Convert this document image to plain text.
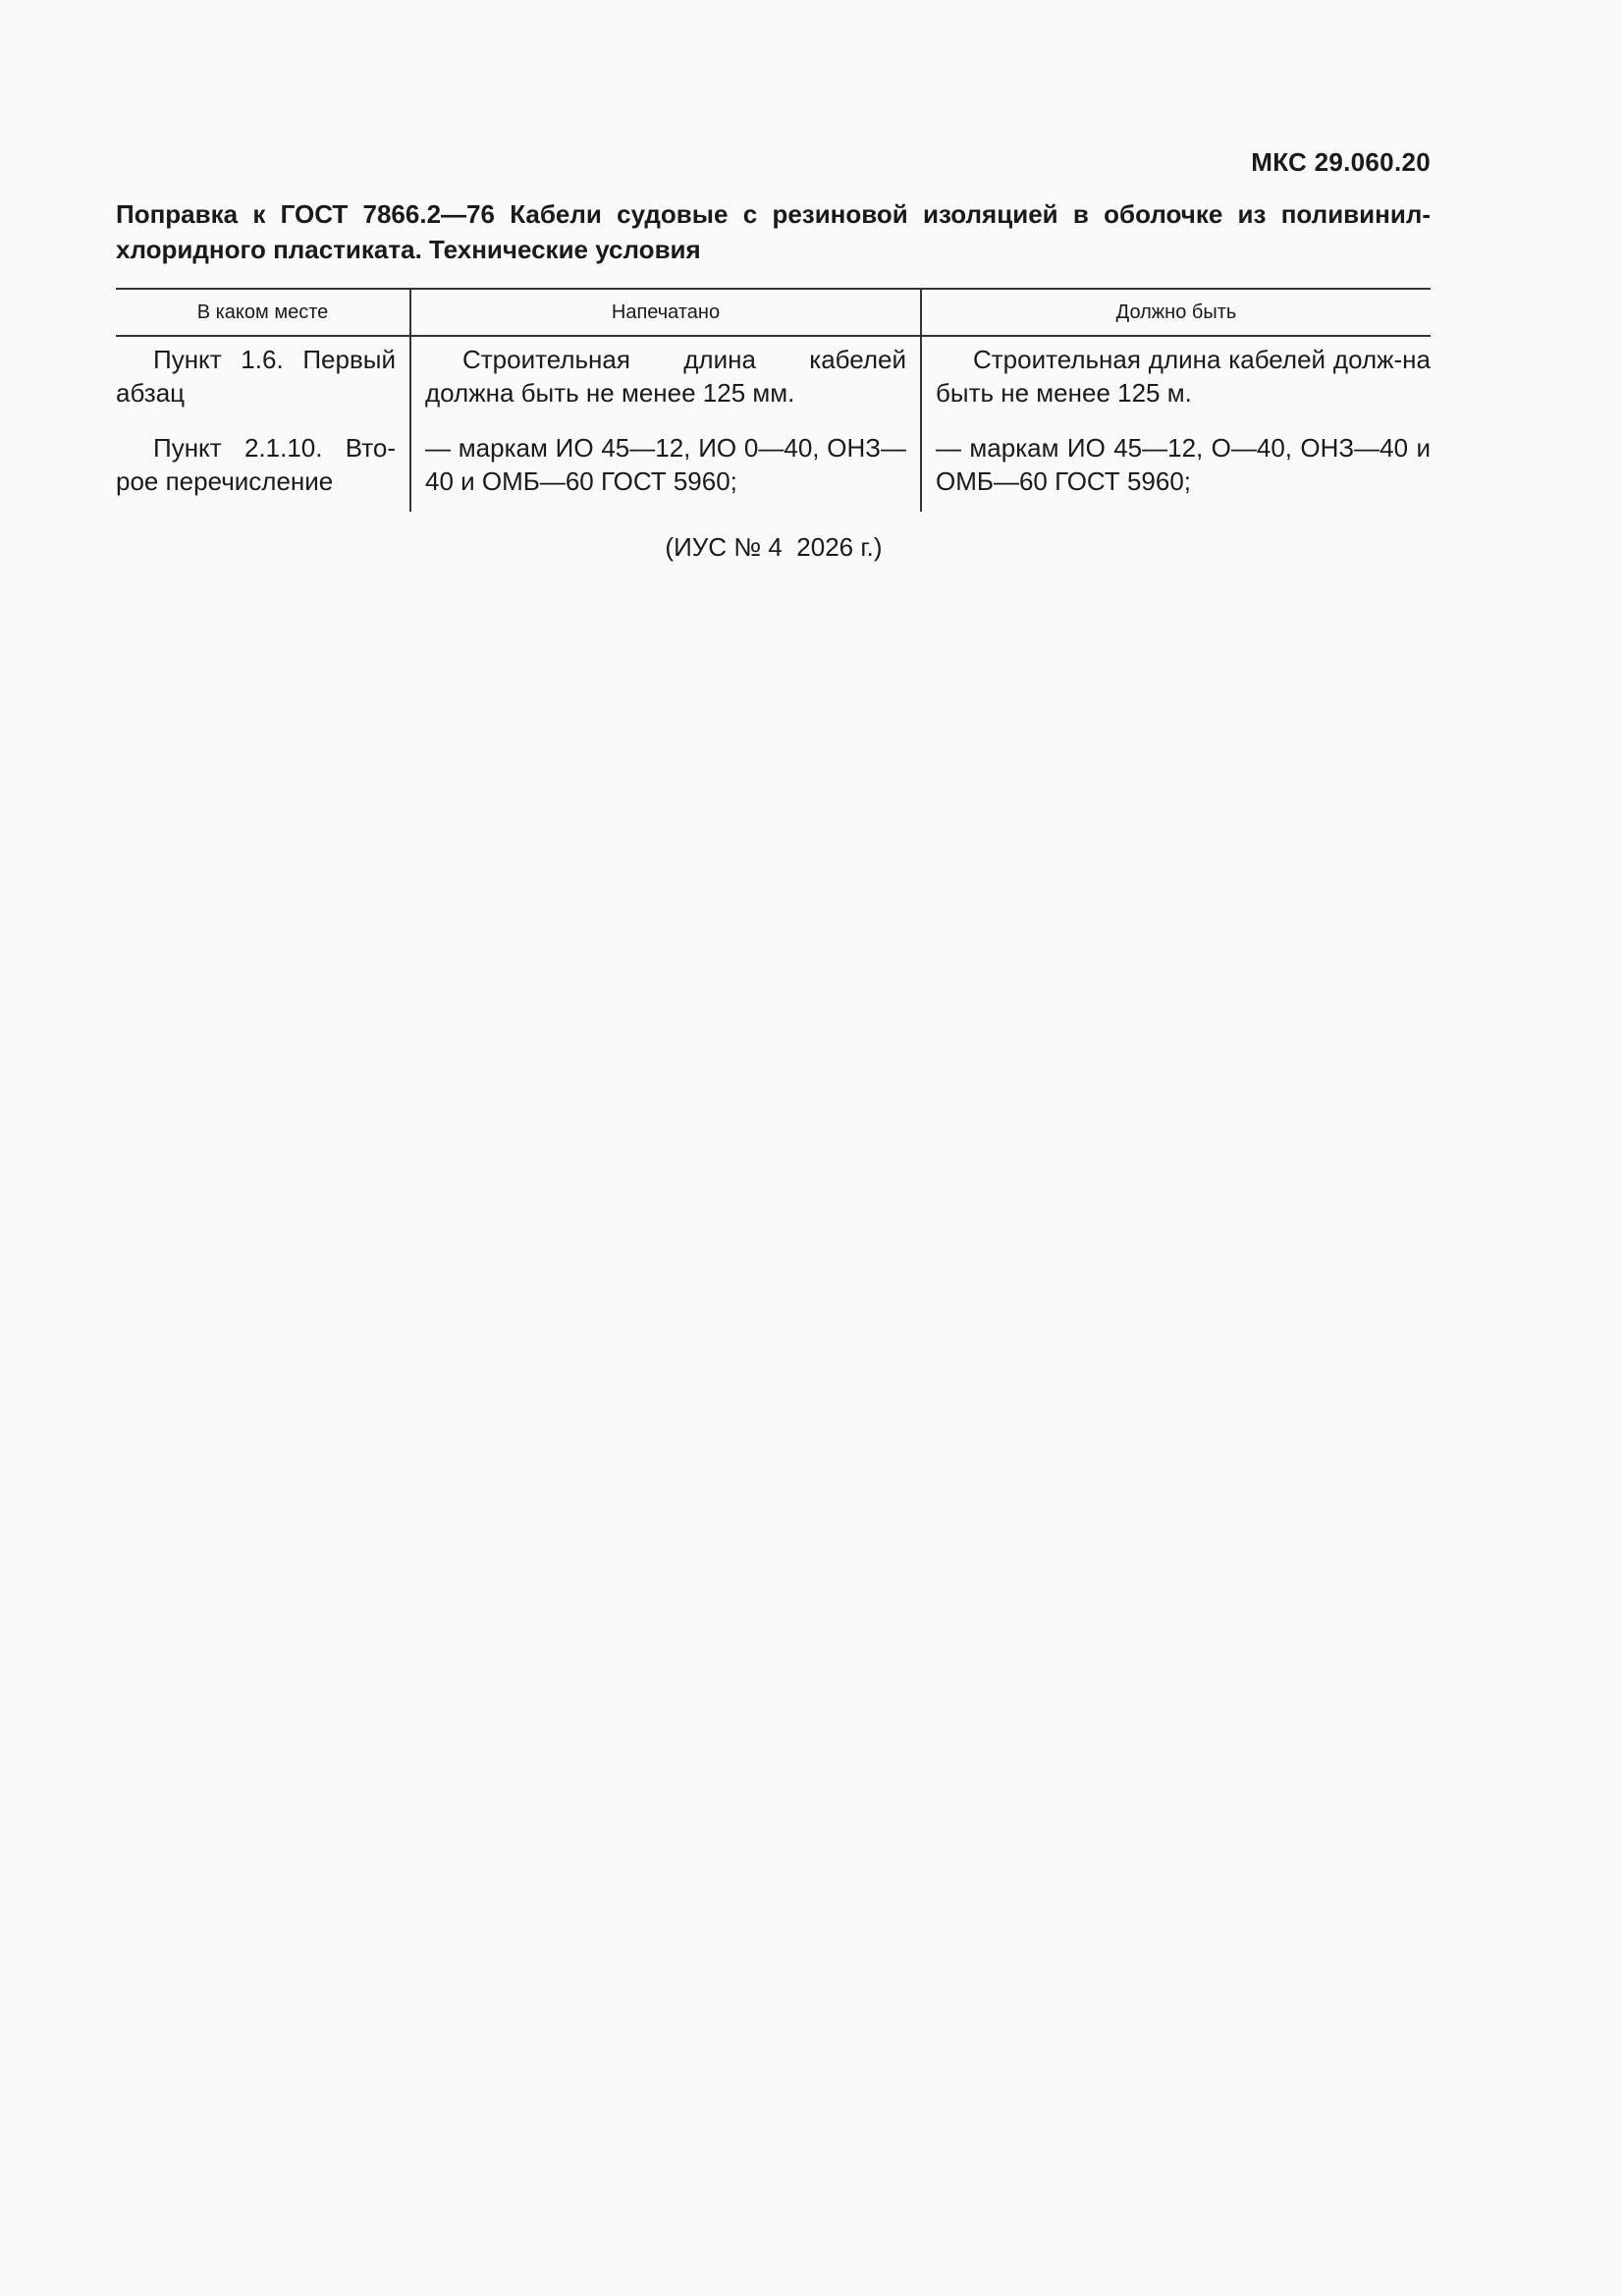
МКС 29.060.20

Поправка к ГОСТ 7866.2—76 Кабели судовые с резиновой изоляцией в оболочке из поливинил-хлоридного пластиката. Технические условия
В каком месте	Напечатано	Должно быть
Пункт 1.6. Первый абзац	Строительная длина кабелей должна быть не менее 125 мм.	Строительная длина кабелей долж-на быть не менее 125 м.
Пункт 2.1.10. Вто-рое перечисление	— маркам ИО 45—12, ИО 0—40, ОНЗ—40 и ОМБ—60 ГОСТ 5960;	— маркам ИО 45—12, О—40, ОНЗ—40 и ОМБ—60 ГОСТ 5960;

(ИУС № 4  2026 г.)
